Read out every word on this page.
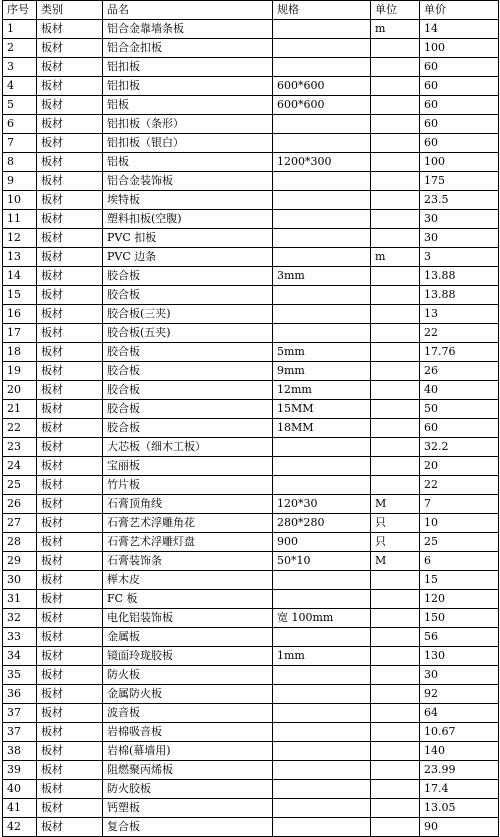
序号	类别	品名	规格	单位	单价
1	板材	铝合金靠墙条板		m	14
2	板材	铝合金扣板			100
3	板材	铝扣板			60
4	板材	铝扣板	600*600		60
5	板材	铝板	600*600		60
6	板材	铝扣板（条形）			60
7	板材	铝扣板（银白）			60
8	板材	铝板	1200*300		100
9	板材	铝合金装饰板			175
10	板材	埃特板			23.5
11	板材	塑料扣板(空腹)			30
12	板材	PVC 扣板			30
13	板材	PVC 边条		m	3
14	板材	胶合板	3mm		13.88
15	板材	胶合板			13.88
16	板材	胶合板(三夹)			13
17	板材	胶合板(五夹)			22
18	板材	胶合板	5mm		17.76
19	板材	胶合板	9mm		26
20	板材	胶合板	12mm		40
21	板材	胶合板	15MM		50
22	板材	胶合板	18MM		60
23	板材	大芯板（细木工板）			32.2
24	板材	宝丽板			20
25	板材	竹片板			22
26	板材	石膏顶角线	120*30	M	7
27	板材	石膏艺术浮雕角花	280*280	只	10
28	板材	石膏艺术浮雕灯盘	900	只	25
29	板材	石膏装饰条	50*10	M	6
30	板材	榉木皮			15
31	板材	FC 板			120
32	板材	电化铝装饰板	宽 100mm		150
33	板材	金属板			56
34	板材	镜面玲珑胶板	1mm		130
35	板材	防火板			30
36	板材	金属防火板			92
37	板材	波音板			64
37	板材	岩棉吸音板			10.67
38	板材	岩棉(幕墙用)			140
39	板材	阻燃聚丙烯板			23.99
40	板材	防火胶板			17.4
41	板材	钙塑板			13.05
42	板材	复合板			90
